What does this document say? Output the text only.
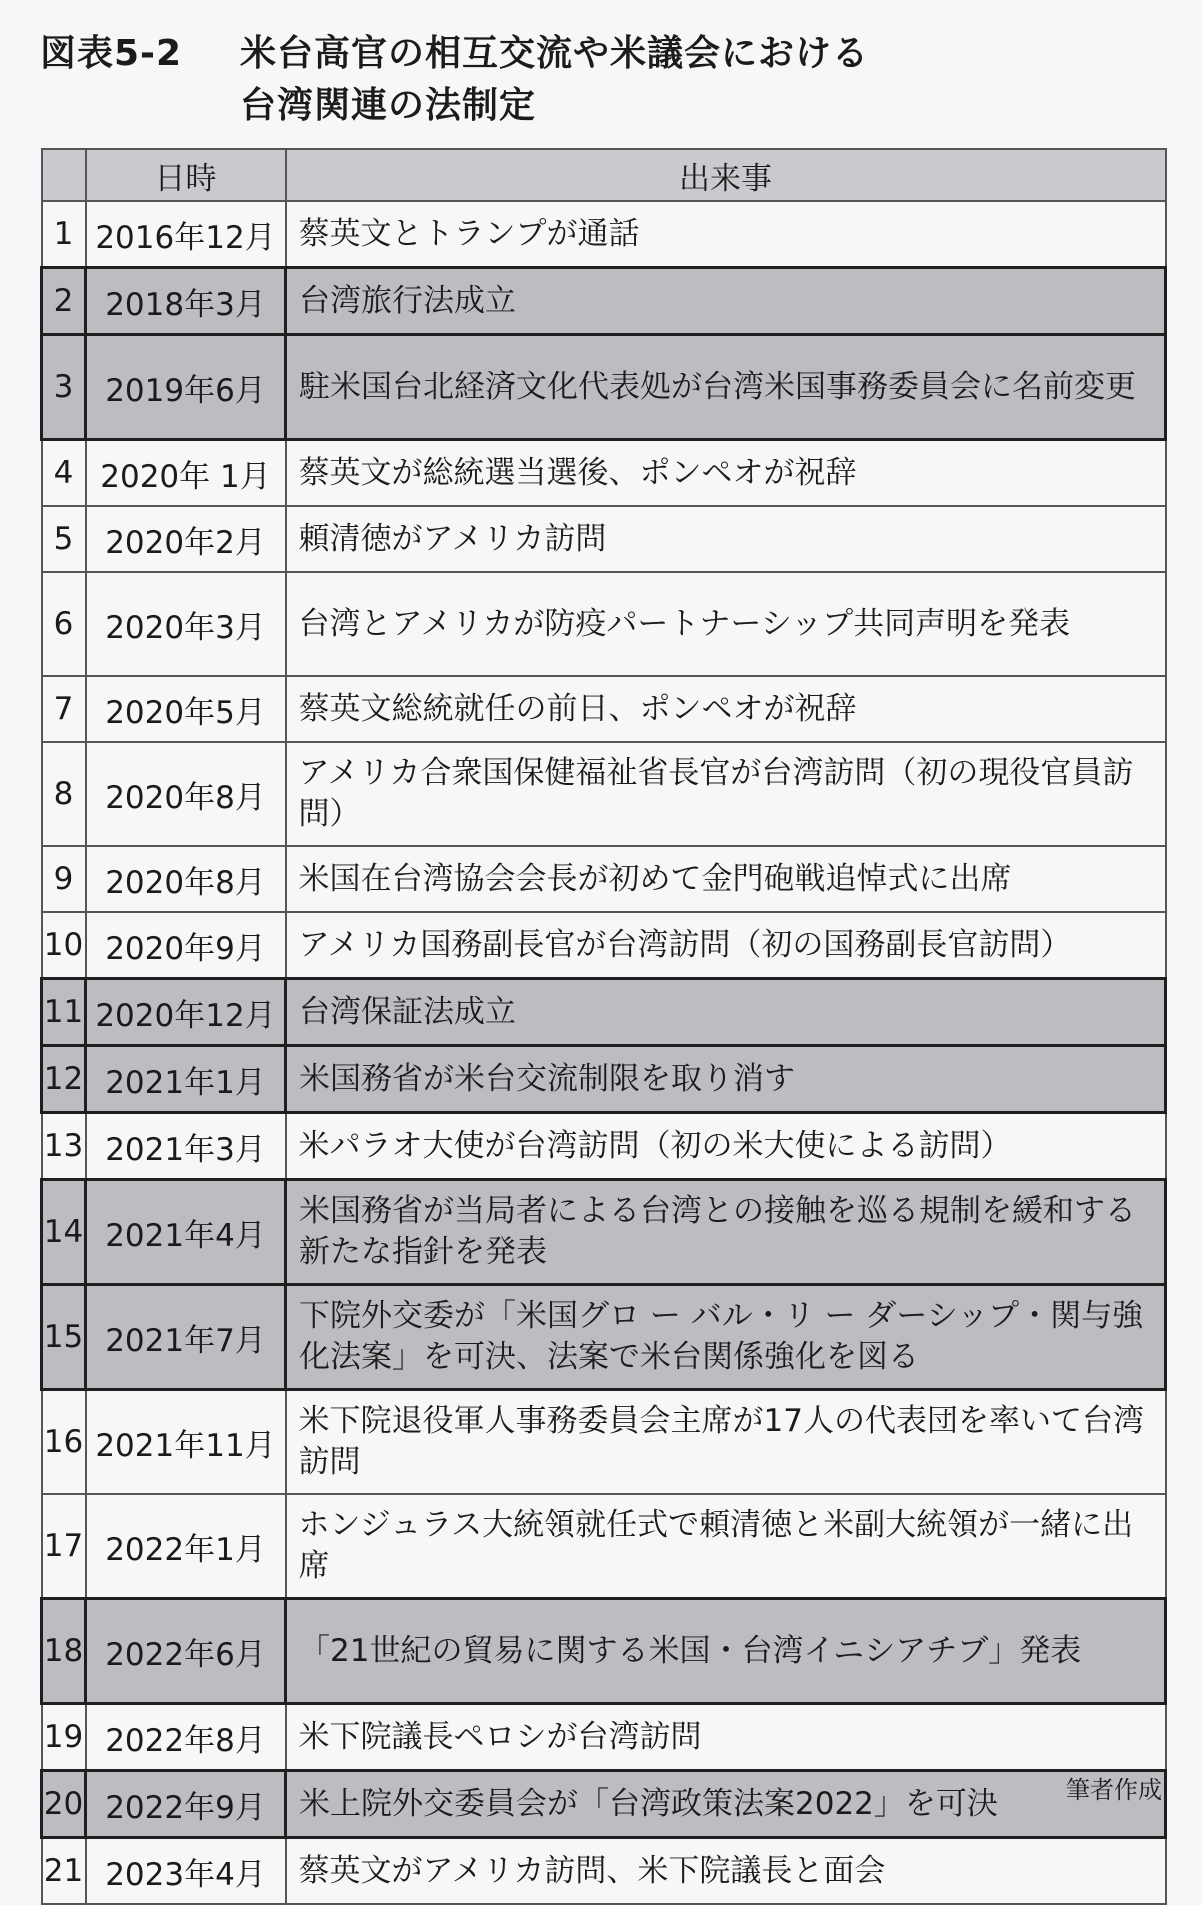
図表5-2 米台高官の相互交流や米議会における
台湾関連の法制定
	日時	出来事
1	2016年12月	蔡英文とトランプが通話
2	2018年3月	台湾旅行法成立
3	2019年6月	駐米国台北経済文化代表処が台湾米国事務委員会に名前変更
4	2020年 1月	蔡英文が総統選当選後、ポンペオが祝辞
5	2020年2月	頼清徳がアメリカ訪問
6	2020年3月	台湾とアメリカが防疫パートナーシップ共同声明を発表
7	2020年5月	蔡英文総統就任の前日、ポンペオが祝辞
8	2020年8月	アメリカ合衆国保健福祉省長官が台湾訪問（初の現役官員訪問）
9	2020年8月	米国在台湾協会会長が初めて金門砲戦追悼式に出席
10	2020年9月	アメリカ国務副長官が台湾訪問（初の国務副長官訪問）
11	2020年12月	台湾保証法成立
12	2021年1月	米国務省が米台交流制限を取り消す
13	2021年3月	米パラオ大使が台湾訪問（初の米大使による訪問）
14	2021年4月	米国務省が当局者による台湾との接触を巡る規制を緩和する新たな指針を発表
15	2021年7月	下院外交委が「米国グロ ー バル・リ ー ダーシップ・関与強化法案」を可決、法案で米台関係強化を図る
16	2021年11月	米下院退役軍人事務委員会主席が17人の代表団を率いて台湾訪問
17	2022年1月	ホンジュラス大統領就任式で頼清徳と米副大統領が一緒に出席
18	2022年6月	「21世紀の貿易に関する米国・台湾イニシアチブ」発表
19	2022年8月	米下院議長ペロシが台湾訪問
20	2022年9月	米上院外交委員会が「台湾政策法案2022」を可決
21	2023年4月	蔡英文がアメリカ訪問、米下院議長と面会
筆者作成
